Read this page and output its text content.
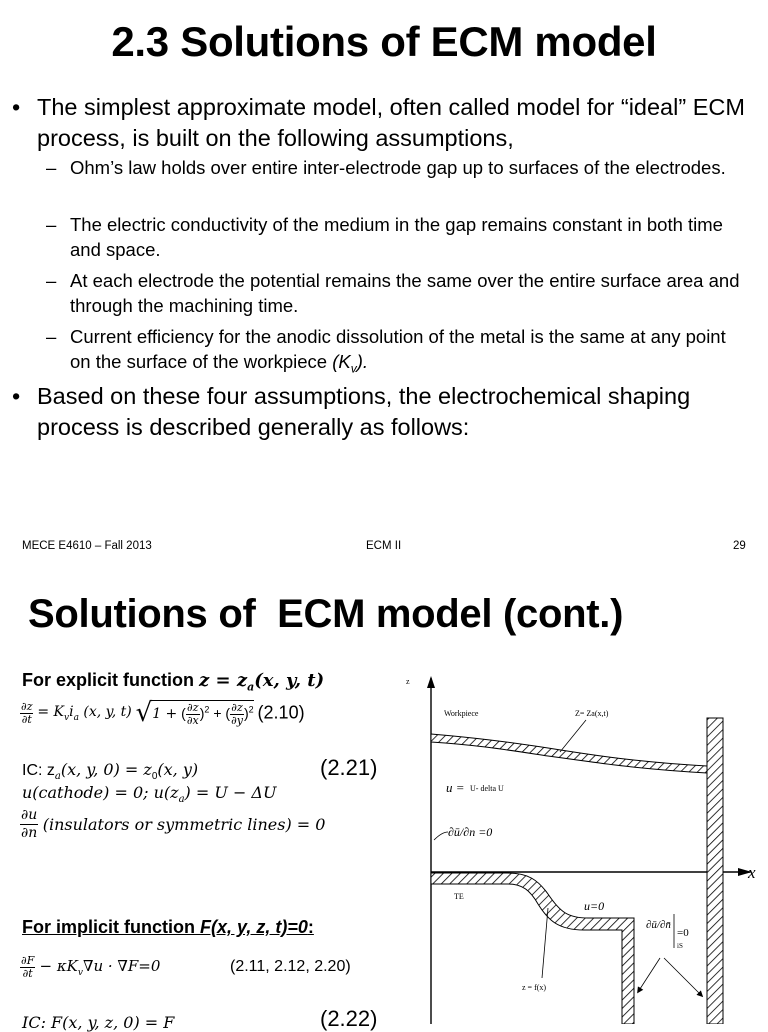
2.3 Solutions of ECM model
• The simplest approximate model, often called model for “ideal” ECM process, is built on the following assumptions,
– Ohm’s law holds over entire inter-electrode gap up to surfaces of the electrodes.
– The electric conductivity of the medium in the gap remains constant in both time and space.
– At each electrode the potential remains the same over the entire surface area and through the machining time.
– Current efficiency for the anodic dissolution of the metal is the same at any point on the surface of the workpiece $(K_v)$.
• Based on these four assumptions, the electrochemical shaping process is described generally as follows:
MECE E4610 – Fall 2013	ECM II	29
Solutions of  ECM model (cont.)
For explicit function $z = z_a(x$, y, t)
$\frac{\partial z}{\partial t} = K_vi_a$ (x, y, t) √1 + ( $\frac{\partial z}{\partial x} )^2$ + ( $\frac{\partial z}{\partial y} )^2$ (2.10)
IC: $z_a(x$, y, $0) = z_0(x$, y)	(2.21)
u(cathode) = 0; $u(z_a) = U - \Delta U$
$\frac{\partial u}{\partial n}$ (insulators or symmetric lines) = 0
For implicit function F(x, y, z, t)=0:
$\frac{\partial F}{\partial t} - \kappa K_v\nabla u \cdot \nabla F=0$	(2.11, 2.12, 2.20)
IC: F(x, y, z, 0) = F	(2.22)
z
x
Workpiece	Z= Za(x,t)
u = U- delta U
∂ū/∂n =0
TE
u=0
z = f(x)
∂ū/∂n̄
=0
iS
